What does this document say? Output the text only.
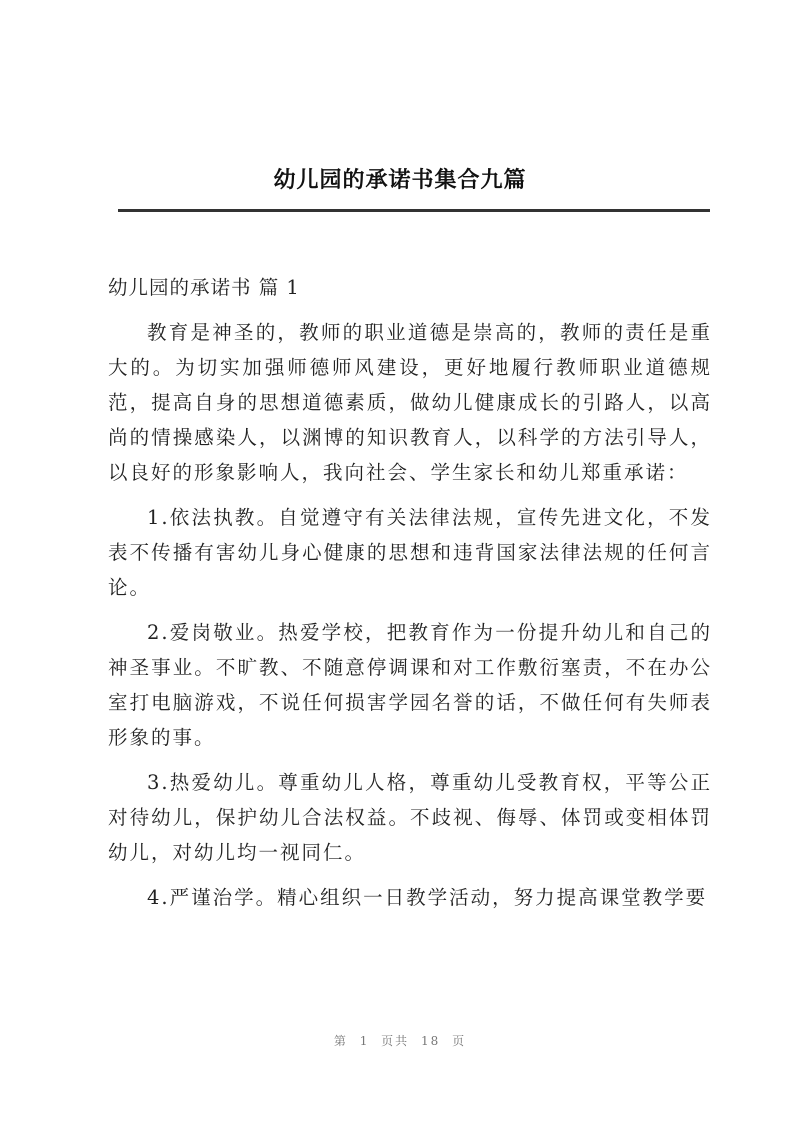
幼儿园的承诺书集合九篇

幼儿园的承诺书 篇 1

教育是神圣的，教师的职业道德是崇高的，教师的责任是重大的。为切实加强师德师风建设，更好地履行教师职业道德规范，提高自身的思想道德素质，做幼儿健康成长的引路人，以高尚的情操感染人，以渊博的知识教育人，以科学的方法引导人，以良好的形象影响人，我向社会、学生家长和幼儿郑重承诺：

1.依法执教。自觉遵守有关法律法规，宣传先进文化，不发表不传播有害幼儿身心健康的思想和违背国家法律法规的任何言论。

2.爱岗敬业。热爱学校，把教育作为一份提升幼儿和自己的神圣事业。不旷教、不随意停调课和对工作敷衍塞责，不在办公室打电脑游戏，不说任何损害学园名誉的话，不做任何有失师表形象的事。

3.热爱幼儿。尊重幼儿人格，尊重幼儿受教育权，平等公正对待幼儿，保护幼儿合法权益。不歧视、侮辱、体罚或变相体罚幼儿，对幼儿均一视同仁。

4.严谨治学。精心组织一日教学活动，努力提高课堂教学要

第 1 页共 18 页
